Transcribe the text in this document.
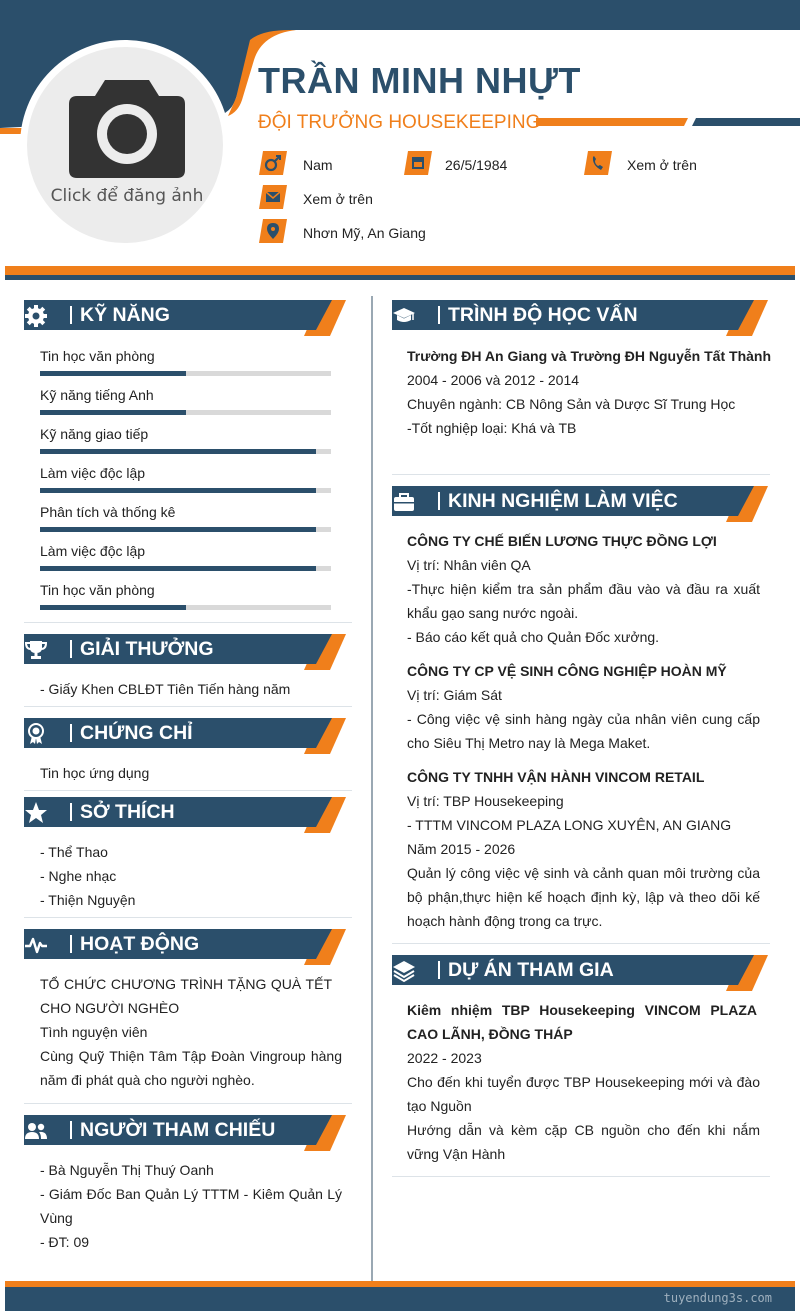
Click để đăng ảnh
TRẦN MINH NHỰT
ĐỘI TRƯỞNG HOUSEKEEPING
Nam	26/5/1984	Xem ở trên
Xem ở trên
Nhơn Mỹ, An Giang
KỸ NĂNG
Tin học văn phòng
Kỹ năng tiếng Anh
Kỹ năng giao tiếp
Làm việc độc lập
Phân tích và thống kê
Làm việc độc lập
Tin học văn phòng
GIẢI THƯỞNG
- Giấy Khen CBLĐT Tiên Tiến hàng năm
CHỨNG CHỈ
Tin học ứng dụng
SỞ THÍCH
- Thể Thao
- Nghe nhạc
- Thiện Nguyện
HOẠT ĐỘNG
TỔ CHỨC CHƯƠNG TRÌNH TẶNG QUÀ TẾT CHO NGƯỜI NGHÈO
Tình nguyện viên
Cùng Quỹ Thiện Tâm Tập Đoàn Vingroup hàng năm đi phát quà cho người nghèo.
NGƯỜI THAM CHIẾU
- Bà Nguyễn Thị Thuý Oanh
- Giám Đốc Ban Quản Lý TTTM - Kiêm Quản Lý Vùng
- ĐT: 09
TRÌNH ĐỘ HỌC VẤN
Trường ĐH An Giang và Trường ĐH Nguyễn Tất Thành
2004 - 2006 và 2012 - 2014
Chuyên ngành: CB Nông Sản và Dược Sĩ Trung Học
-Tốt nghiệp loại: Khá và TB
KINH NGHIỆM LÀM VIỆC
CÔNG TY CHẾ BIẾN LƯƠNG THỰC ĐỒNG LỢI
Vị trí: Nhân viên QA
-Thực hiện kiểm tra sản phẩm đầu vào và đầu ra xuất khẩu gạo sang nước ngoài.
- Báo cáo kết quả cho Quản Đốc xưởng.
CÔNG TY CP VỆ SINH CÔNG NGHIỆP HOÀN MỸ
Vị trí: Giám Sát
- Công việc vệ sinh hàng ngày của nhân viên cung cấp cho Siêu Thị Metro nay là Mega Maket.
CÔNG TY TNHH VẬN HÀNH VINCOM RETAIL
Vị trí: TBP Housekeeping
- TTTM VINCOM PLAZA LONG XUYÊN, AN GIANG
Năm 2015 - 2026
Quản lý công việc vệ sinh và cảnh quan môi trường của bộ phận,thực hiện kế hoạch định kỳ, lập và theo dõi kế hoạch hành động trong ca trực.
DỰ ÁN THAM GIA
Kiêm nhiệm TBP Housekeeping VINCOM PLAZA CAO LÃNH, ĐỒNG THÁP
2022 - 2023
Cho đến khi tuyển được TBP Housekeeping mới và đào tạo Nguồn
Hướng dẫn và kèm cặp CB nguồn cho đến khi nắm vững Vận Hành
tuyendung3s.com
